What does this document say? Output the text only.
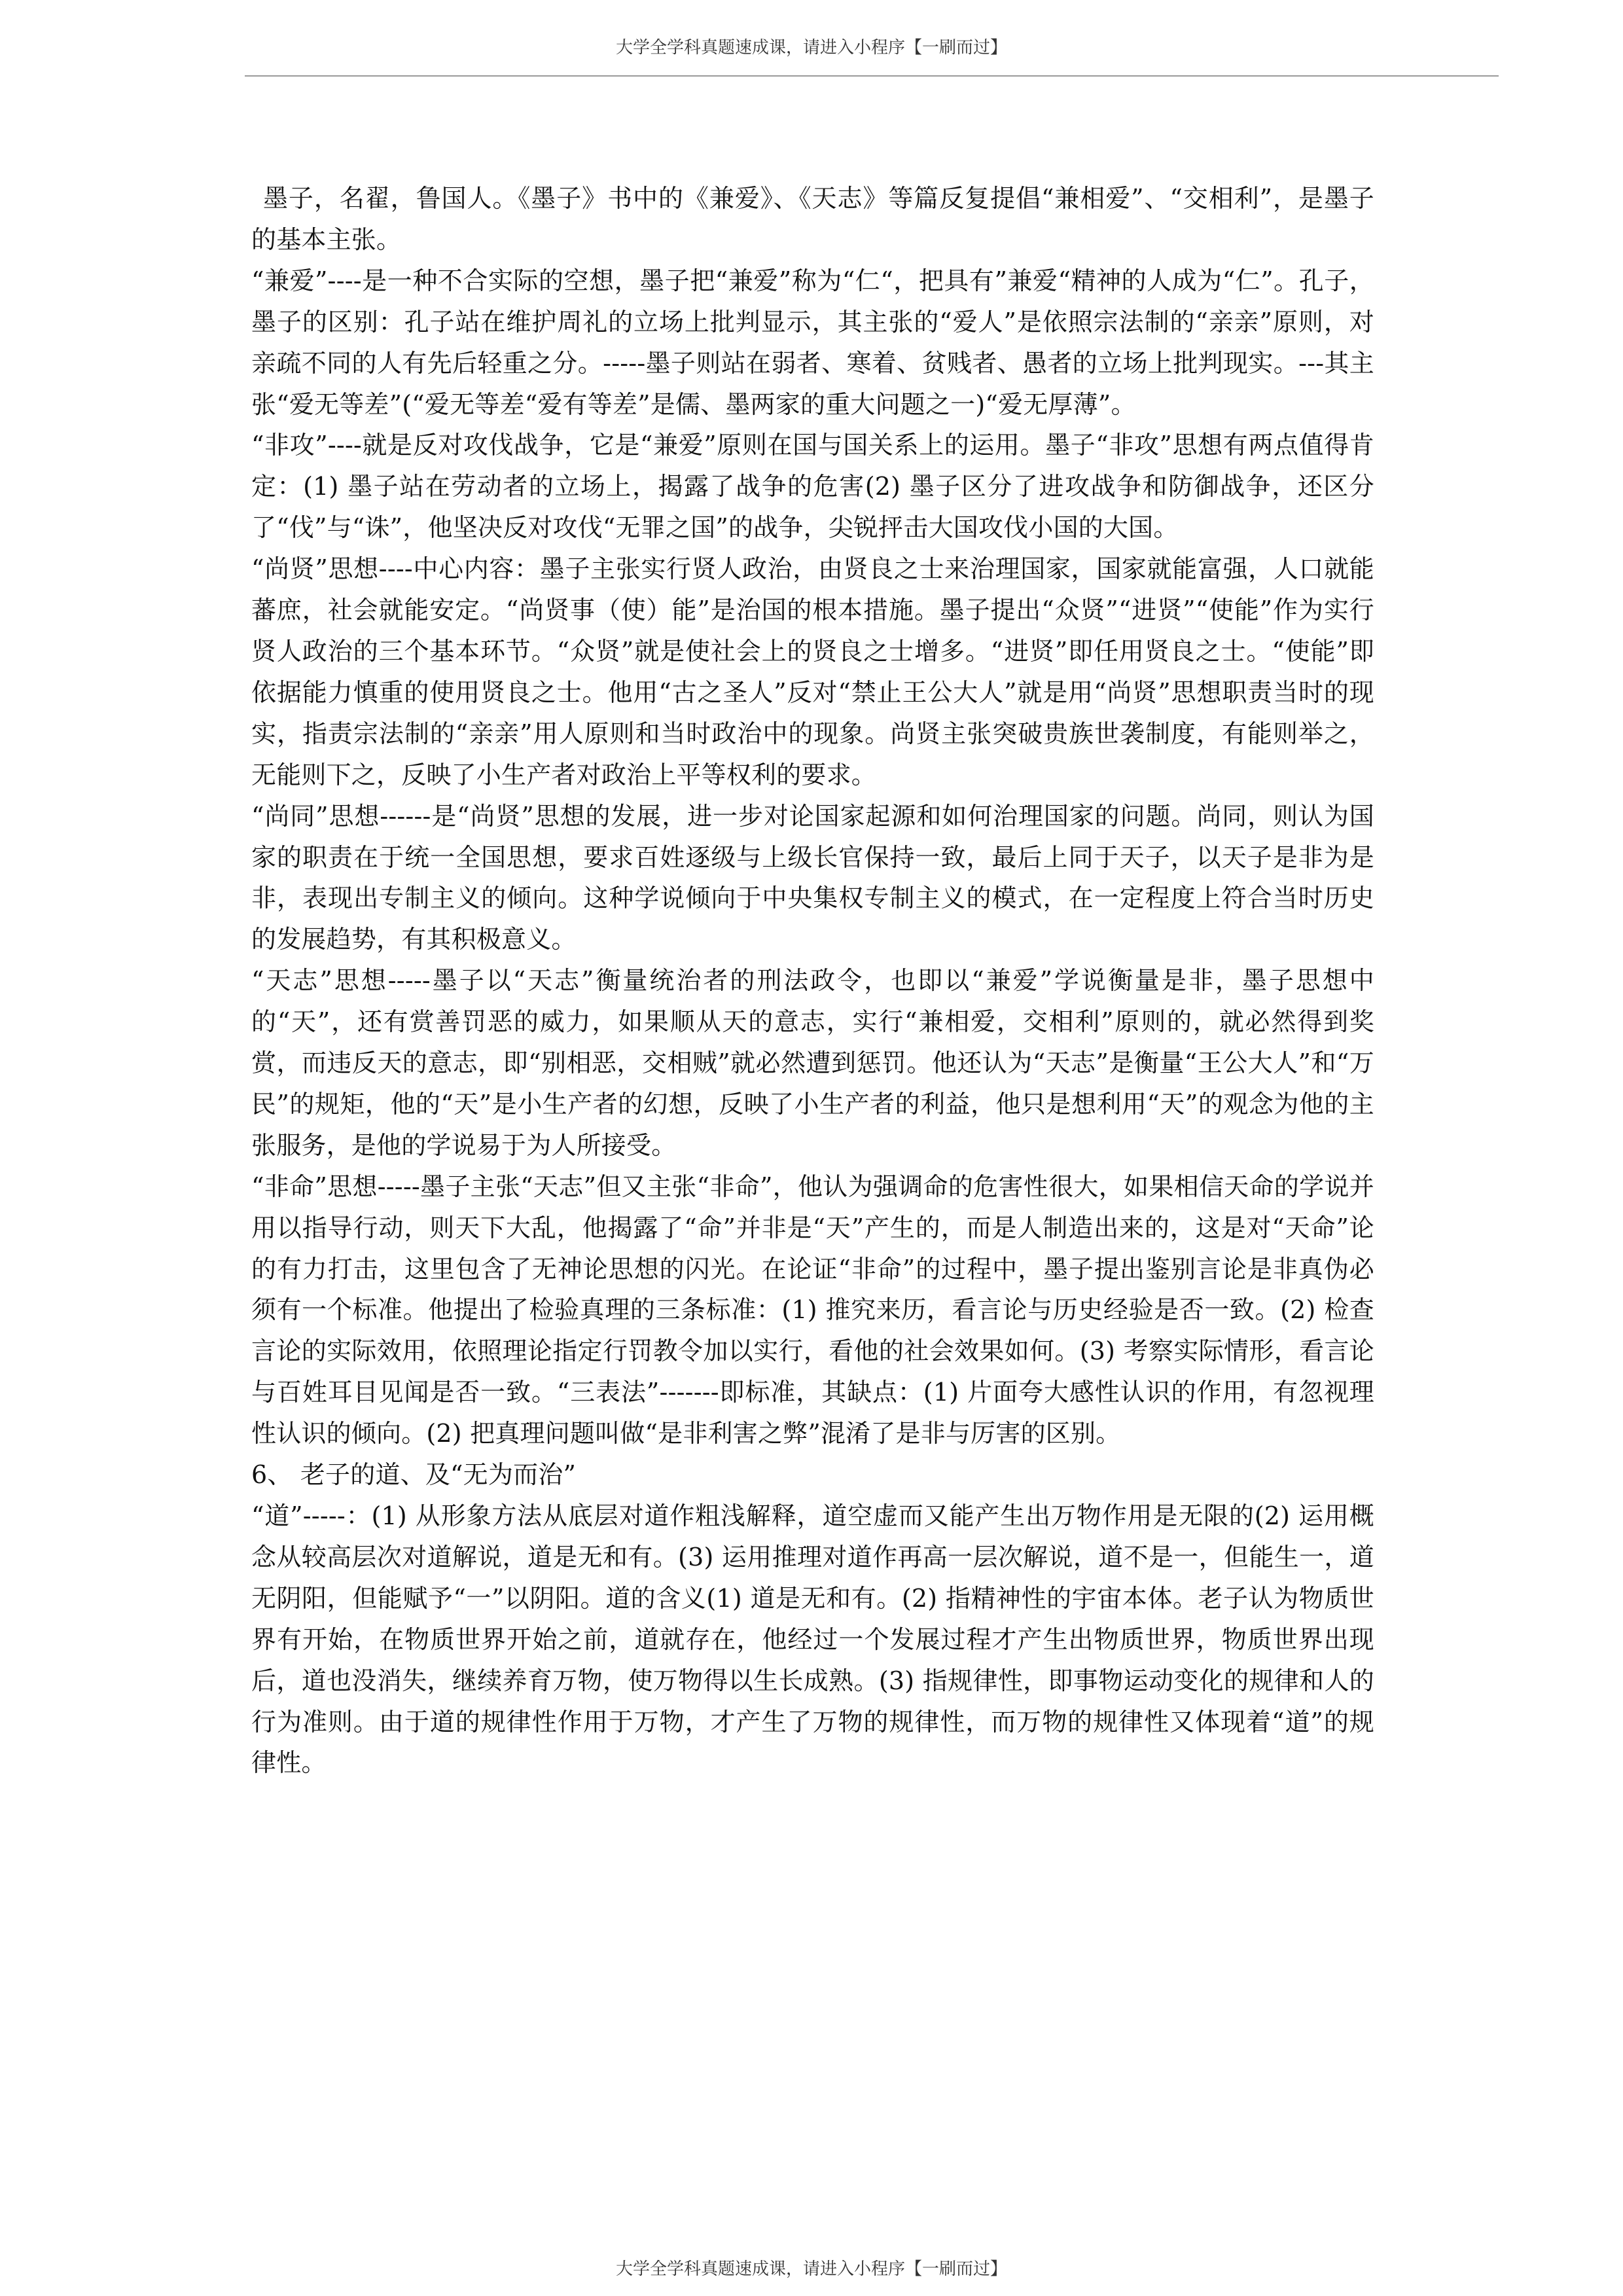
大学全学科真题速成课，请进入小程序【一刷而过】

墨子，名翟，鲁国人。《墨子》书中的《兼爱》、《天志》等篇反复提倡“兼相爱”、“交相利”，是墨子的基本主张。

“兼爱”----是一种不合实际的空想，墨子把“兼爱”称为“仁“，把具有”兼爱“精神的人成为“仁”。孔子，墨子的区别：孔子站在维护周礼的立场上批判显示，其主张的“爱人”是依照宗法制的“亲亲”原则，对亲疏不同的人有先后轻重之分。-----墨子则站在弱者、寒着、贫贱者、愚者的立场上批判现实。---其主张“爱无等差”(“爱无等差“爱有等差”是儒、墨两家的重大问题之一)“爱无厚薄”。

“非攻”----就是反对攻伐战争，它是“兼爱”原则在国与国关系上的运用。墨子“非攻”思想有两点值得肯定：(1) 墨子站在劳动者的立场上，揭露了战争的危害(2) 墨子区分了进攻战争和防御战争，还区分了“伐”与“诛”，他坚决反对攻伐“无罪之国”的战争，尖锐抨击大国攻伐小国的大国。

“尚贤”思想----中心内容：墨子主张实行贤人政治，由贤良之士来治理国家，国家就能富强，人口就能蕃庶，社会就能安定。“尚贤事（使）能”是治国的根本措施。墨子提出“众贤”“进贤”“使能”作为实行贤人政治的三个基本环节。“众贤”就是使社会上的贤良之士增多。“进贤”即任用贤良之士。“使能”即依据能力慎重的使用贤良之士。他用“古之圣人”反对“禁止王公大人”就是用“尚贤”思想职责当时的现实，指责宗法制的“亲亲”用人原则和当时政治中的现象。尚贤主张突破贵族世袭制度，有能则举之，无能则下之，反映了小生产者对政治上平等权利的要求。

“尚同”思想------是“尚贤”思想的发展，进一步对论国家起源和如何治理国家的问题。尚同，则认为国家的职责在于统一全国思想，要求百姓逐级与上级长官保持一致，最后上同于天子，以天子是非为是非，表现出专制主义的倾向。这种学说倾向于中央集权专制主义的模式，在一定程度上符合当时历史的发展趋势，有其积极意义。

“天志”思想-----墨子以“天志”衡量统治者的刑法政令，也即以“兼爱”学说衡量是非，墨子思想中的“天”，还有赏善罚恶的威力，如果顺从天的意志，实行“兼相爱，交相利”原则的，就必然得到奖赏，而违反天的意志，即“别相恶，交相贼”就必然遭到惩罚。他还认为“天志”是衡量“王公大人”和“万民”的规矩，他的“天”是小生产者的幻想，反映了小生产者的利益，他只是想利用“天”的观念为他的主张服务，是他的学说易于为人所接受。

“非命”思想-----墨子主张“天志”但又主张“非命”，他认为强调命的危害性很大，如果相信天命的学说并用以指导行动，则天下大乱，他揭露了“命”并非是“天”产生的，而是人制造出来的，这是对“天命”论的有力打击，这里包含了无神论思想的闪光。在论证“非命”的过程中，墨子提出鉴别言论是非真伪必须有一个标准。他提出了检验真理的三条标准：(1) 推究来历，看言论与历史经验是否一致。(2) 检查言论的实际效用，依照理论指定行罚教令加以实行，看他的社会效果如何。(3) 考察实际情形，看言论与百姓耳目见闻是否一致。“三表法”-------即标准，其缺点：(1) 片面夸大感性认识的作用，有忽视理性认识的倾向。(2) 把真理问题叫做“是非利害之弊”混淆了是非与厉害的区别。

6、 老子的道、及“无为而治”

“道”-----：(1) 从形象方法从底层对道作粗浅解释，道空虚而又能产生出万物作用是无限的(2) 运用概念从较高层次对道解说，道是无和有。(3) 运用推理对道作再高一层次解说，道不是一，但能生一，道无阴阳，但能赋予“一”以阴阳。道的含义(1) 道是无和有。(2) 指精神性的宇宙本体。老子认为物质世界有开始，在物质世界开始之前，道就存在，他经过一个发展过程才产生出物质世界，物质世界出现后，道也没消失，继续养育万物，使万物得以生长成熟。(3) 指规律性，即事物运动变化的规律和人的行为准则。由于道的规律性作用于万物，才产生了万物的规律性，而万物的规律性又体现着“道”的规律性。

大学全学科真题速成课，请进入小程序【一刷而过】
